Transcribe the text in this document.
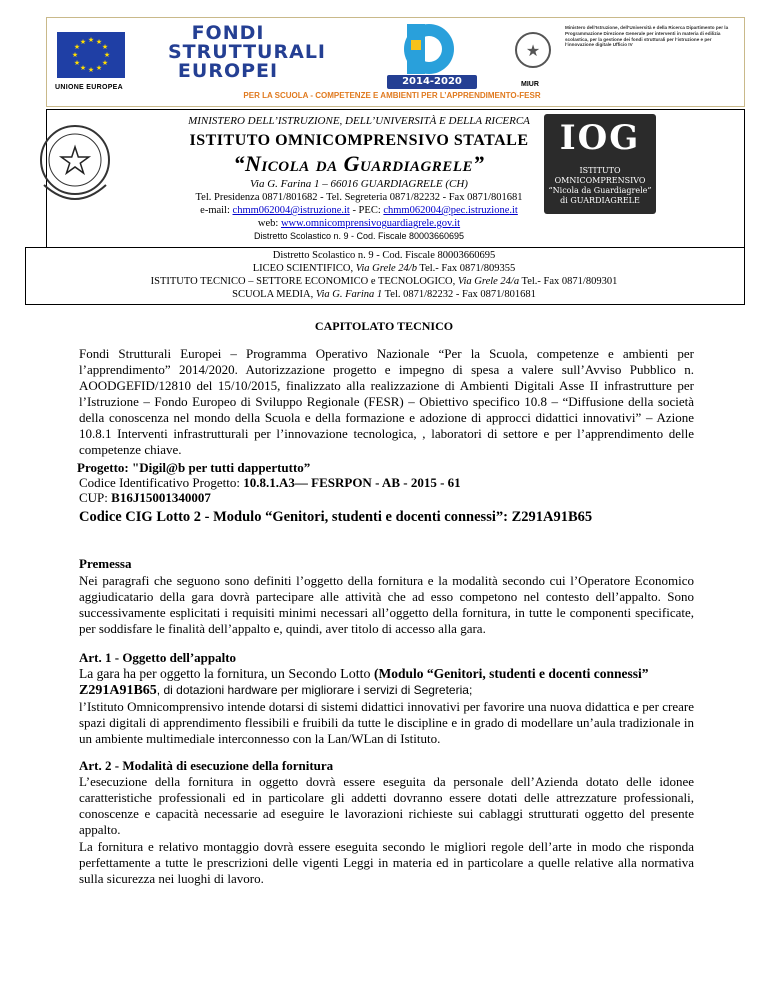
★ ★
★
★
★
★
★
★
★
★
★
★
UNIONE EUROPEA
FONDI
STRUTTURALI
EUROPEI	2014-2020
PER LA SCUOLA - COMPETENZE E AMBIENTI PER L’APPRENDIMENTO-FESR
★
MIUR
Ministero dell’Istruzione, dell’Università e della Ricerca Dipartimento per la Programmazione Direzione Generale per interventi in materia di edilizia scolastica, per la gestione dei fondi strutturali per l’istruzione e per l’innovazione digitale Ufficio IV
★
MINISTERO DELL’ISTRUZIONE, DELL’UNIVERSITÀ E DELLA RICERCA
ISTITUTO OMNICOMPRENSIVO STATALE
“Nicola da Guardiagrele”
Via G. Farina 1 – 66016 GUARDIAGRELE (CH)
Tel. Presidenza 0871/801682 - Tel. Segreteria 0871/82232 - Fax 0871/801681
e-mail: chmm062004@istruzione.it - PEC: chmm062004@pec.istruzione.it
web: www.omnicomprensivoguardiagrele.gov.it
Distretto Scolastico n. 9 - Cod. Fiscale 80003660695
IOG
ISTITUTO
OMNICOMPRENSIVO
“Nicola da Guardiagrele”
di GUARDIAGRELE
Distretto Scolastico n. 9 - Cod. Fiscale 80003660695
LICEO SCIENTIFICO, Via Grele 24/b Tel.- Fax 0871/809355
ISTITUTO TECNICO – SETTORE ECONOMICO e TECNOLOGICO, Via Grele 24/a Tel.- Fax 0871/809301
SCUOLA MEDIA, Via G. Farina 1 Tel. 0871/82232 - Fax 0871/801681
CAPITOLATO TECNICO
Fondi Strutturali Europei – Programma Operativo Nazionale “Per la Scuola, competenze e ambienti per l’apprendimento” 2014/2020. Autorizzazione progetto e impegno di spesa a valere sull’Avviso Pubblico n. AOODGEFID/12810 del 15/10/2015, finalizzato alla realizzazione di Ambienti Digitali Asse II infrastrutture per l’Istruzione – Fondo Europeo di Sviluppo Regionale (FESR) – Obiettivo specifico 10.8 – “Diffusione della società della conoscenza nel mondo della Scuola e della formazione e adozione di approcci didattici innovativi” – Azione 10.8.1 Interventi infrastrutturali per l’innovazione tecnologica, , laboratori di settore e per l’apprendimento delle competenze chiave.
Progetto: "Digil@b per tutti dappertutto”
Codice Identificativo Progetto: 10.8.1.A3— FESRPON - AB - 2015 - 61
CUP: B16J15001340007
Codice CIG Lotto 2 - Modulo “Genitori, studenti e docenti connessi”: Z291A91B65
Premessa
Nei paragrafi che seguono sono definiti l’oggetto della fornitura e la modalità secondo cui l’Operatore Economico aggiudicatario della gara dovrà partecipare alle attività che ad esso competono nel contesto dell’appalto. Sono successivamente esplicitati i requisiti minimi necessari all’oggetto della fornitura, in tutte le componenti specificate, per soddisfare le finalità dell’appalto e, quindi, aver titolo di accesso alla gara.
Art. 1 - Oggetto dell’appalto
La gara ha per oggetto la fornitura, un Secondo Lotto (Modulo “Genitori, studenti e docenti connessi”
Z291A91B65, di dotazioni hardware per migliorare i servizi di Segreteria;
l’Istituto Omnicomprensivo intende dotarsi di sistemi didattici innovativi per favorire una nuova didattica e per creare spazi digitali di apprendimento flessibili e fruibili da tutte le discipline e in grado di modellare un’aula tradizionale in un ambiente multimediale interconnesso con la Lan/WLan di Istituto.
Art. 2 - Modalità di esecuzione della fornitura
L’esecuzione della fornitura in oggetto dovrà essere eseguita da personale dell’Azienda dotato delle idonee caratteristiche professionali ed in particolare gli addetti dovranno essere dotati delle attrezzature professionali, conoscenze e capacità necessarie ad eseguire le lavorazioni richieste sui cablaggi strutturati oggetto del presente appalto.
La fornitura e relativo montaggio dovrà essere eseguita secondo le migliori regole dell’arte in modo che risponda perfettamente a tutte le prescrizioni delle vigenti Leggi in materia ed in particolare a quelle relative alla normativa sulla sicurezza nei luoghi di lavoro.
